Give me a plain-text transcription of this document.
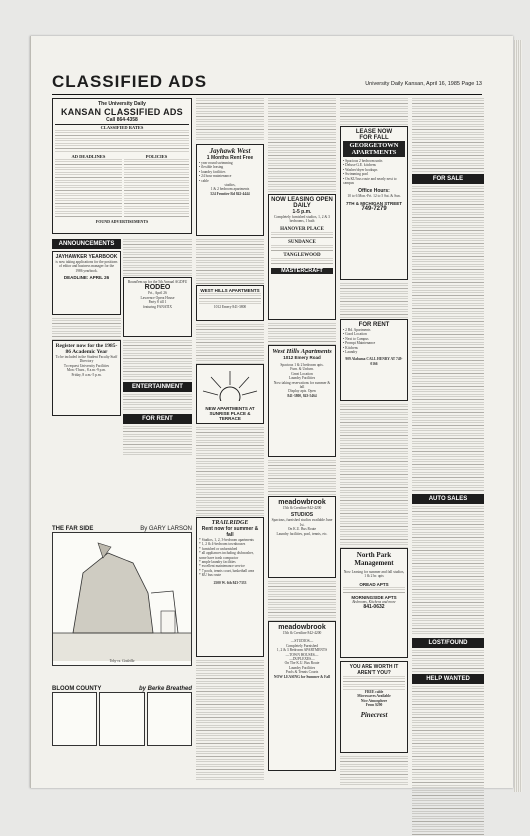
CLASSIFIED ADS	University Daily Kansan, April 16, 1985 Page 13
The University Daily
KANSAN CLASSIFIED ADS
Call 864-4358
CLASSIFIED RATES
AD DEADLINES	POLICIES
FOUND ADVERTISEMENTS
ANNOUNCEMENTS
JAYHAWKER YEARBOOK
is now taking applications for the positions of editor and business manager for the 1986 yearbook.
DEADLINE: APRIL 26
Register now for the 1985-86 Academic Year
To be included in the Student Faculty Staff Directory
To request University Facilities
Mon.-Thurs., 8 a.m.-9 p.m.
Friday, 8 a.m.-5 p.m.
Round'em up for the 5th Annual AGDFU
RODEO
Fri., April 26
Lawrence Opera House
Party 8 till 1
featuring FANATIX
ENTERTAINMENT
FOR RENT
THE FAR SIDE	By GARY LARSON
Toby vs. Godzilla
BLOOM COUNTY	by Berke Breathed
Jayhawk West
1 Months Rent Free
• year round swimming
• flexible leasing
• laundry facilities
• 24 hour maintenance
• cable
studios,
1 & 2 bedroom apartments
524 Frontier Rd 842-4444
WEST HILLS APARTMENTS
1012 Emery 841-3800
NEW APARTMENTS AT
SUNRISE PLACE & TERRACE
TRAILRIDGE
Rent now for summer & fall
* Studios, 1, 2, 3-bedroom apartments
* 1, 2 & 4-bedroom townhouses
* furnished or unfurnished
* all appliances including dishwasher, some have trash compactor
* ample laundry facilities
* excellent maintenance service
* 7 pools, tennis court, basketball area
* KU bus route
2500 W. 6th 843-7333
NOW LEASING OPEN DAILY
1-5 p.m.
Completely furnished studios, 1, 2 & 3 bedrooms, 1 bath
HANOVER PLACE
SUNDANCE
TANGLEWOOD
MASTERCRAFT
West Hills Apartments
1012 Emery Road
Spacious 1 & 2 bedroom apts.
Furn. & Unfurn.
Great Location
Laundry Facilities
Now taking reservations for summer & fall
Display apts. Open
841-3800, 843-5464
meadowbrook
15th & Crestline 842-4200
STUDIOS
Spacious, furnished studios available June 1st.
On K.U. Bus Route
Laundry facilities, pool, tennis, etc.
meadowbrook
15th & Crestline 842-4200
—STUDIOS—
Completely Furnished
1, 2 & 3 Bedroom APARTMENTS
—TOWN HOUSES—
—DUPLEXES—
On The K.U. Bus Route
Laundry Facilities
Pools & Tennis Courts
NOW LEASING for Summer & Fall
LEASE NOW
FOR FALL
GEORGETOWN APARTMENTS
• Spacious 2 bedroom units
• Deluxe G.E. kitchens
• Washer/dryer hookups
• Swimming pool
• On KU bus route and nearly next to campus
Office Hours:
10 to 6 Mon.-Fri. 12 to 5 Sat. & Sun.
7TH & MICHIGAN STREET
749-7279
FOR RENT
• 2 Bd. Apartments
• Good Location
• Next to Campus
• Prompt Maintenance
• Kitchens
• Laundry
909 Alabama CALL HENRY AT 749-0166
North Park Management
Now Leasing for summer and fall studios, 1 & 2 br. apts
OREAD APTS
MORNINGSIDE APTS
Bedrooms, Kitchens and more
841-0632
YOU ARE WORTH IT AREN'T YOU?
FREE cable
Microwaves Available
Nice Atmosphere
From $290
Pinecrest
FOR SALE
AUTO SALES
LOST/FOUND
HELP WANTED
